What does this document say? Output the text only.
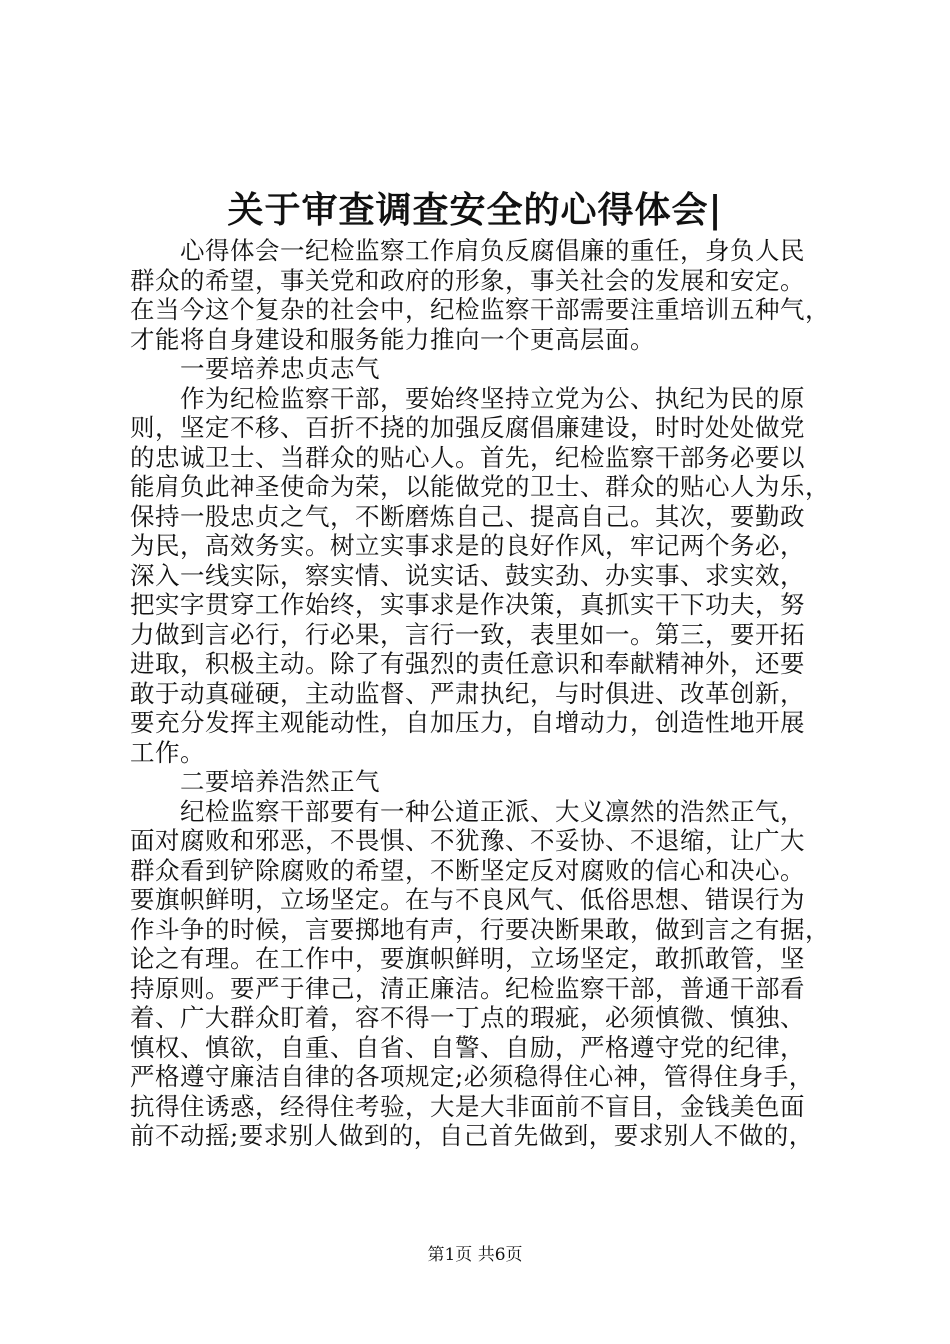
关于审查调查安全的心得体会|
　　心得体会一纪检监察工作肩负反腐倡廉的重任，身负人民
群众的希望，事关党和政府的形象，事关社会的发展和安定。
在当今这个复杂的社会中，纪检监察干部需要注重培训五种气，
才能将自身建设和服务能力推向一个更高层面。
　　一要培养忠贞志气
　　作为纪检监察干部，要始终坚持立党为公、执纪为民的原
则，坚定不移、百折不挠的加强反腐倡廉建设，时时处处做党
的忠诚卫士、当群众的贴心人。首先，纪检监察干部务必要以
能肩负此神圣使命为荣，以能做党的卫士、群众的贴心人为乐，
保持一股忠贞之气，不断磨炼自己、提高自己。其次，要勤政
为民，高效务实。树立实事求是的良好作风，牢记两个务必，
深入一线实际，察实情、说实话、鼓实劲、办实事、求实效，
把实字贯穿工作始终，实事求是作决策，真抓实干下功夫，努
力做到言必行，行必果，言行一致，表里如一。第三，要开拓
进取，积极主动。除了有强烈的责任意识和奉献精神外，还要
敢于动真碰硬，主动监督、严肃执纪，与时俱进、改革创新，
要充分发挥主观能动性，自加压力，自增动力，创造性地开展
工作。
　　二要培养浩然正气
　　纪检监察干部要有一种公道正派、大义凛然的浩然正气，
面对腐败和邪恶，不畏惧、不犹豫、不妥协、不退缩，让广大
群众看到铲除腐败的希望，不断坚定反对腐败的信心和决心。
要旗帜鲜明，立场坚定。在与不良风气、低俗思想、错误行为
作斗争的时候，言要掷地有声，行要决断果敢，做到言之有据，
论之有理。在工作中，要旗帜鲜明，立场坚定，敢抓敢管，坚
持原则。要严于律己，清正廉洁。纪检监察干部，普通干部看
着、广大群众盯着，容不得一丁点的瑕疵，必须慎微、慎独、
慎权、慎欲，自重、自省、自警、自励，严格遵守党的纪律，
严格遵守廉洁自律的各项规定;必须稳得住心神，管得住身手，
抗得住诱惑，经得住考验，大是大非面前不盲目，金钱美色面
前不动摇;要求别人做到的，自己首先做到，要求别人不做的，
第1页 共6页
